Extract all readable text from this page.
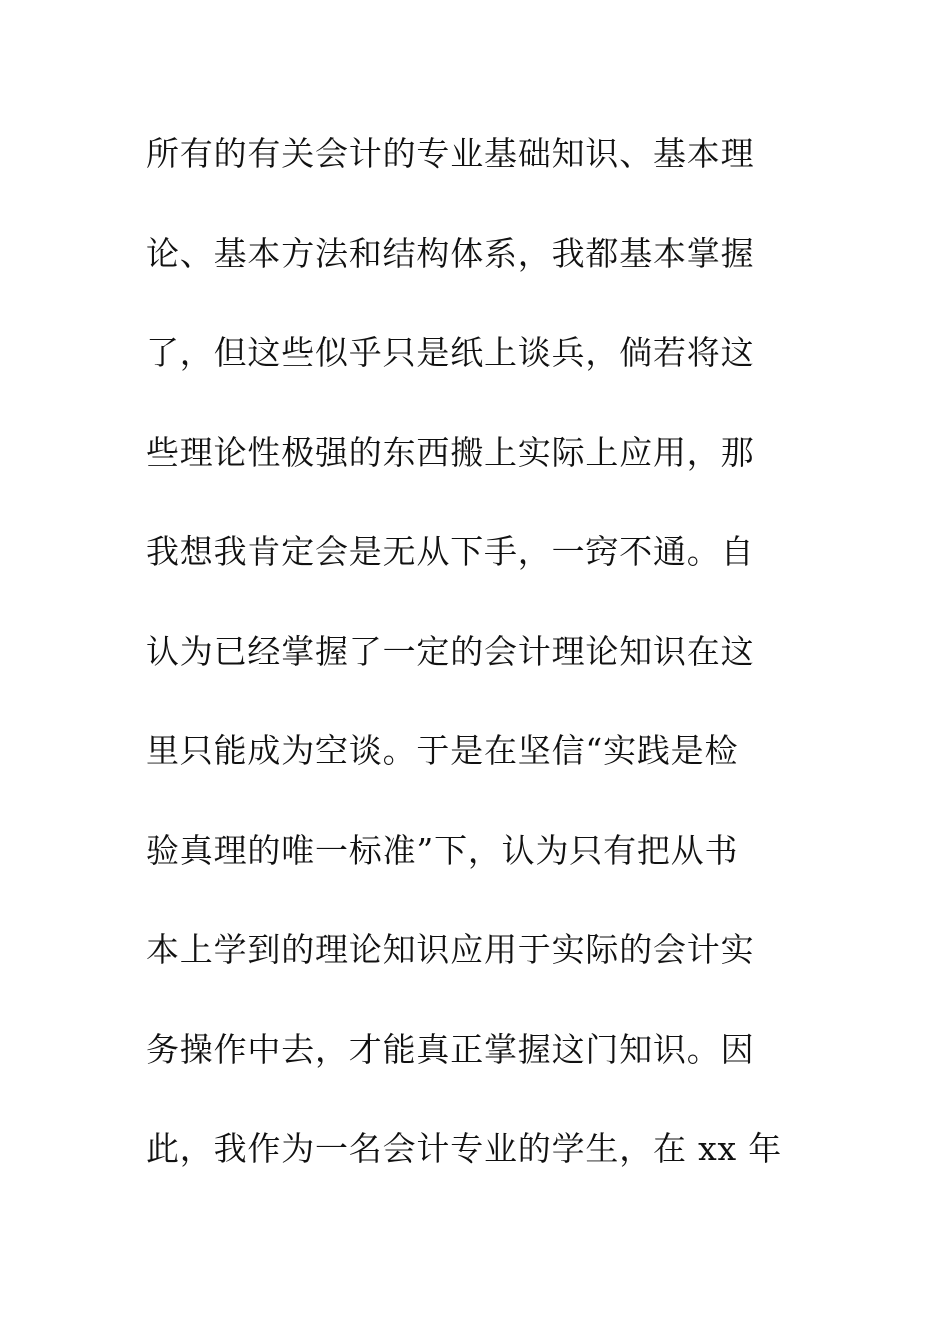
所有的有关会计的专业基础知识、基本理
论、基本方法和结构体系，我都基本掌握
了，但这些似乎只是纸上谈兵，倘若将这
些理论性极强的东西搬上实际上应用，那
我想我肯定会是无从下手，一窍不通。自
认为已经掌握了一定的会计理论知识在这
里只能成为空谈。于是在坚信“实践是检
验真理的唯一标准”下，认为只有把从书
本上学到的理论知识应用于实际的会计实
务操作中去，才能真正掌握这门知识。因
此，我作为一名会计专业的学生，在 xx 年
